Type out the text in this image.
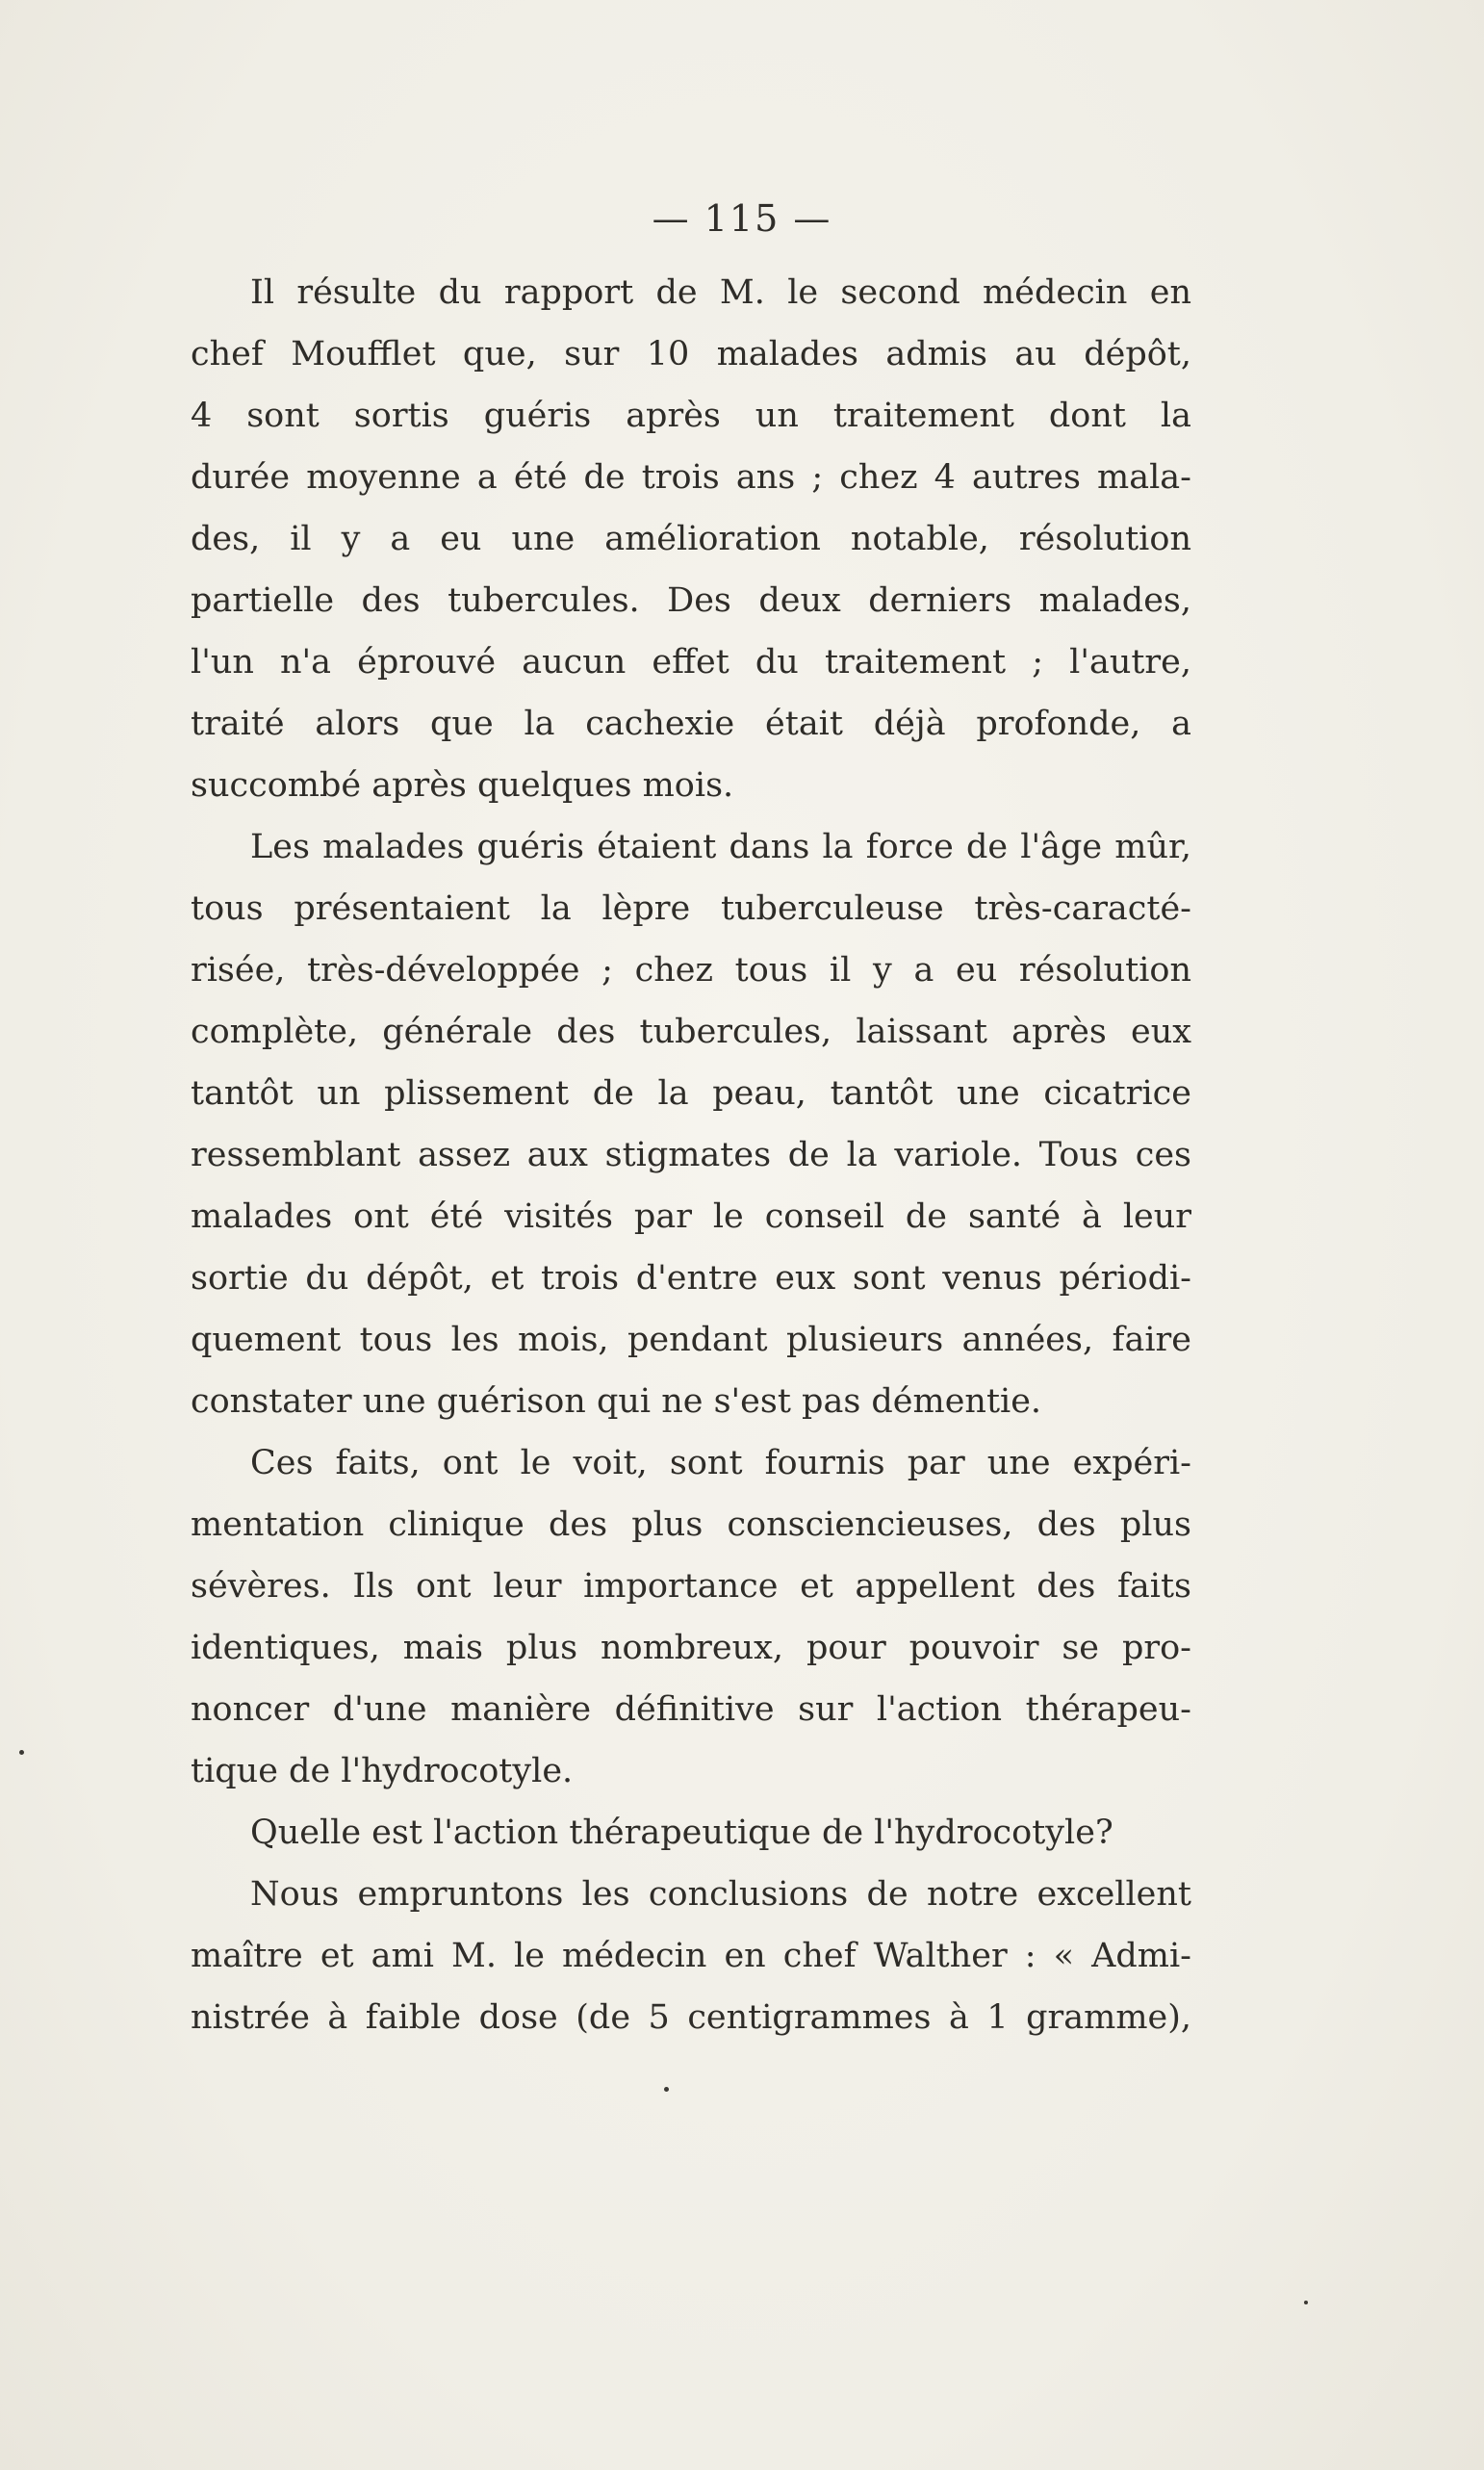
— 115 —
Il résulte du rapport de M. le second médecin en
chef Moufflet que, sur 10 malades admis au dépôt,
4 sont sortis guéris après un traitement dont la
durée moyenne a été de trois ans ; chez 4 autres mala-
des, il y a eu une amélioration notable, résolution
partielle des tubercules. Des deux derniers malades,
l'un n'a éprouvé aucun effet du traitement ; l'autre,
traité alors que la cachexie était déjà profonde, a
succombé après quelques mois.
Les malades guéris étaient dans la force de l'âge mûr,
tous présentaient la lèpre tuberculeuse très-caracté-
risée, très-développée ; chez tous il y a eu résolution
complète, générale des tubercules, laissant après eux
tantôt un plissement de la peau, tantôt une cicatrice
ressemblant assez aux stigmates de la variole. Tous ces
malades ont été visités par le conseil de santé à leur
sortie du dépôt, et trois d'entre eux sont venus périodi-
quement tous les mois, pendant plusieurs années, faire
constater une guérison qui ne s'est pas démentie.
Ces faits, ont le voit, sont fournis par une expéri-
mentation clinique des plus consciencieuses, des plus
sévères. Ils ont leur importance et appellent des faits
identiques, mais plus nombreux, pour pouvoir se pro-
noncer d'une manière définitive sur l'action thérapeu-
tique de l'hydrocotyle.
Quelle est l'action thérapeutique de l'hydrocotyle?
Nous empruntons les conclusions de notre excellent
maître et ami M. le médecin en chef Walther : « Admi-
nistrée à faible dose (de 5 centigrammes à 1 gramme),
